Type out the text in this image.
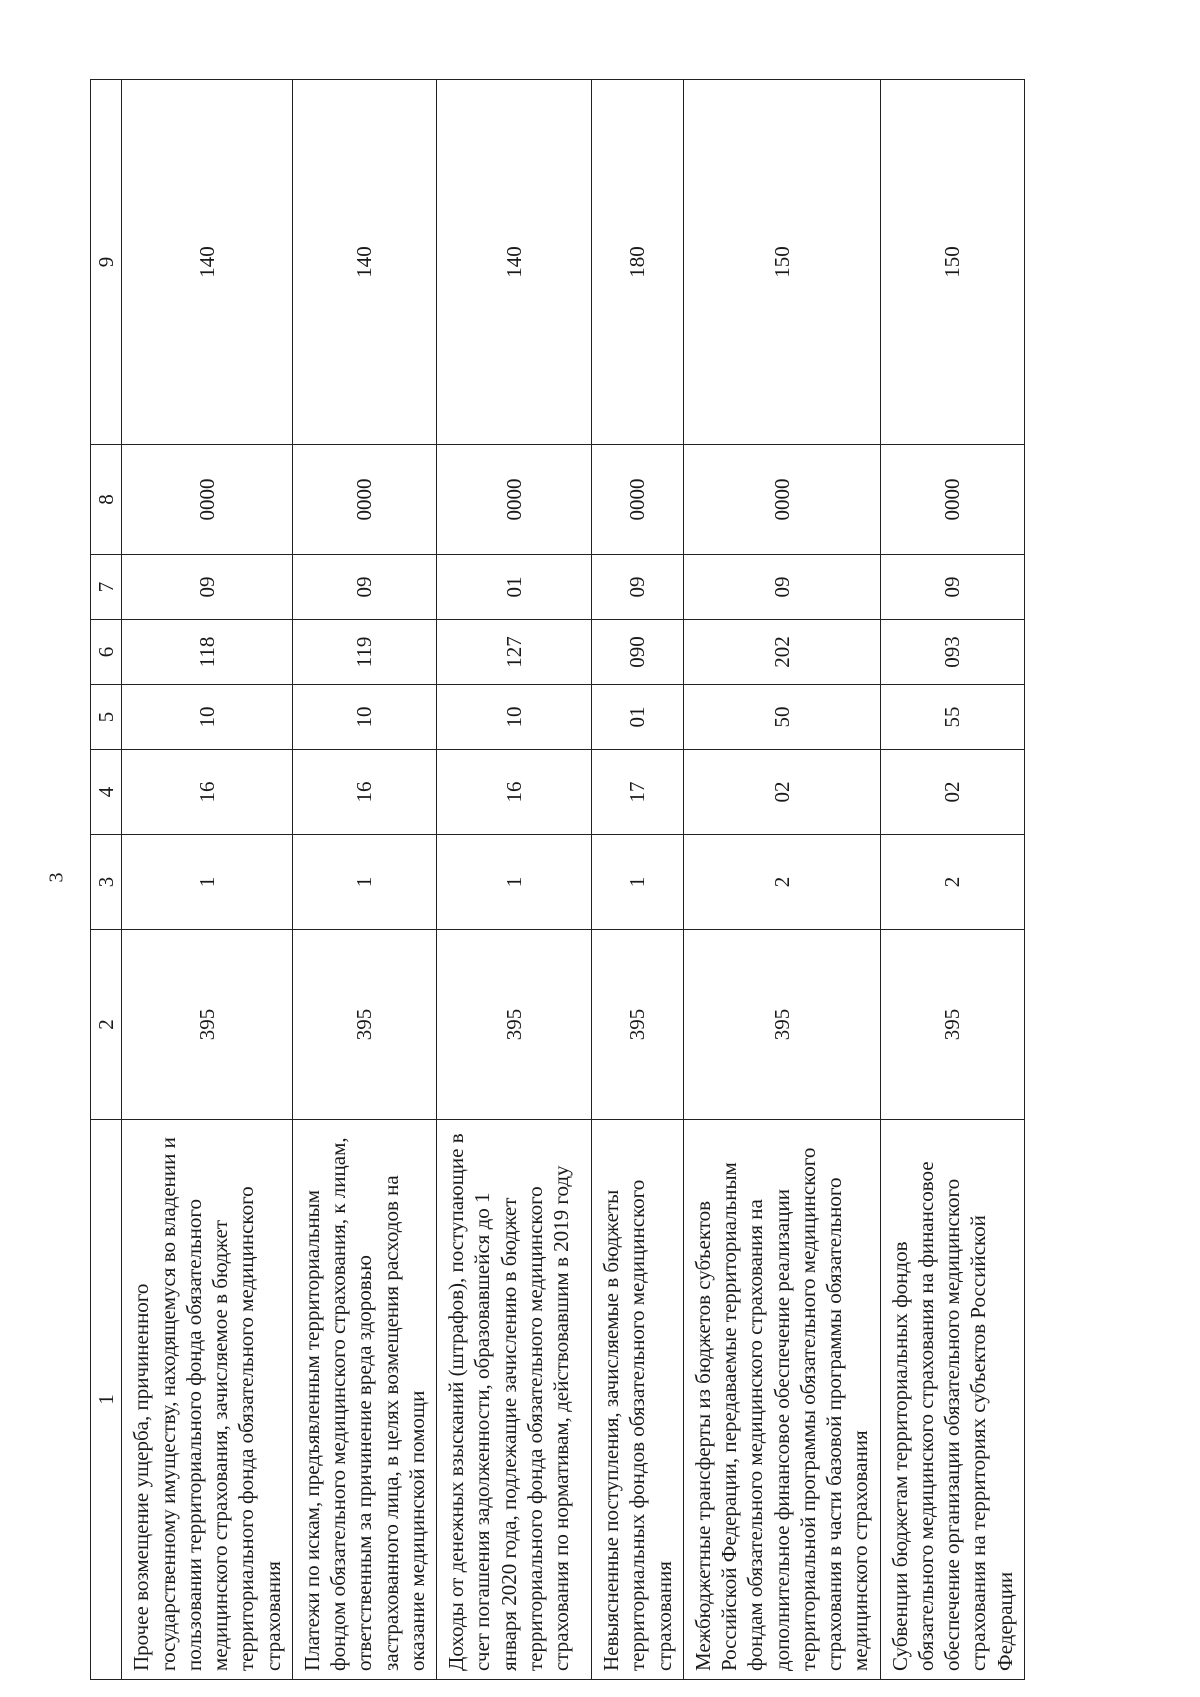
3
1	2	3	4	5	6	7	8	9
Прочее возмещение ущерба, причиненного государственному имуществу, находящемуся во владении и пользовании территориального фонда обязательного медицинского страхования, зачисляемое в бюджет территориального фонда обязательного медицинского страхования	395	1	16	10	118	09	0000	140
Платежи по искам, предъявленным территориальным фондом обязательного медицинского страхования, к лицам, ответственным за причинение вреда здоровью застрахованного лица, в целях возмещения расходов на оказание медицинской помощи	395	1	16	10	119	09	0000	140
Доходы от денежных взысканий (штрафов), поступающие в счет погашения задолженности, образовавшейся до 1 января 2020 года, подлежащие зачислению в бюджет территориального фонда обязательного медицинского страхования по нормативам, действовавшим в 2019 году	395	1	16	10	127	01	0000	140
Невыясненные поступления, зачисляемые в бюджеты территориальных фондов обязательного медицинского страхования	395	1	17	01	090	09	0000	180
Межбюджетные трансферты из бюджетов субъектов Российской Федерации, передаваемые территориальным фондам обязательного медицинского страхования на дополнительное финансовое обеспечение реализации территориальной программы обязательного медицинского страхования в части базовой программы обязательного медицинского страхования	395	2	02	50	202	09	0000	150
Субвенции бюджетам территориальных фондов обязательного медицинского страхования на финансовое обеспечение организации обязательного медицинского страхования на территориях субъектов Российской Федерации	395	2	02	55	093	09	0000	150
